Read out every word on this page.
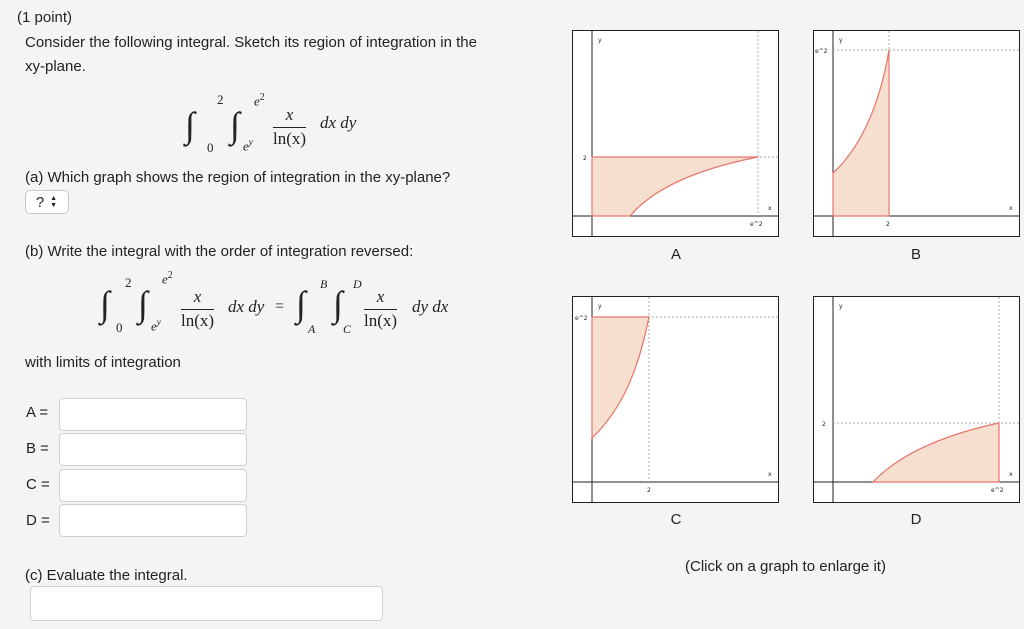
(1 point)
Consider the following integral. Sketch its region of integration in the
xy-plane.
∫
2
0
∫
$e^2$
$e^y \frac{x}{\ln(x)}$ dx dy
(a) Which graph shows the region of integration in the xy-plane?
? ▲▼
(b) Write the integral with the order of integration reversed:
∫
2
0
∫
$e^2$
$e^y \frac{x}{\ln(x)}$ dx dy = ∫ B
A
∫ D
C $\frac{x}{\ln(x)}$ dy dx
with limits of integration
A =
B =
C =
D =
(c) Evaluate the integral.
y
x
2
e^2
A
y
x
e^2
2
B
y
x
e^2
2
C
y
x
2
e^2
D
(Click on a graph to enlarge it)
